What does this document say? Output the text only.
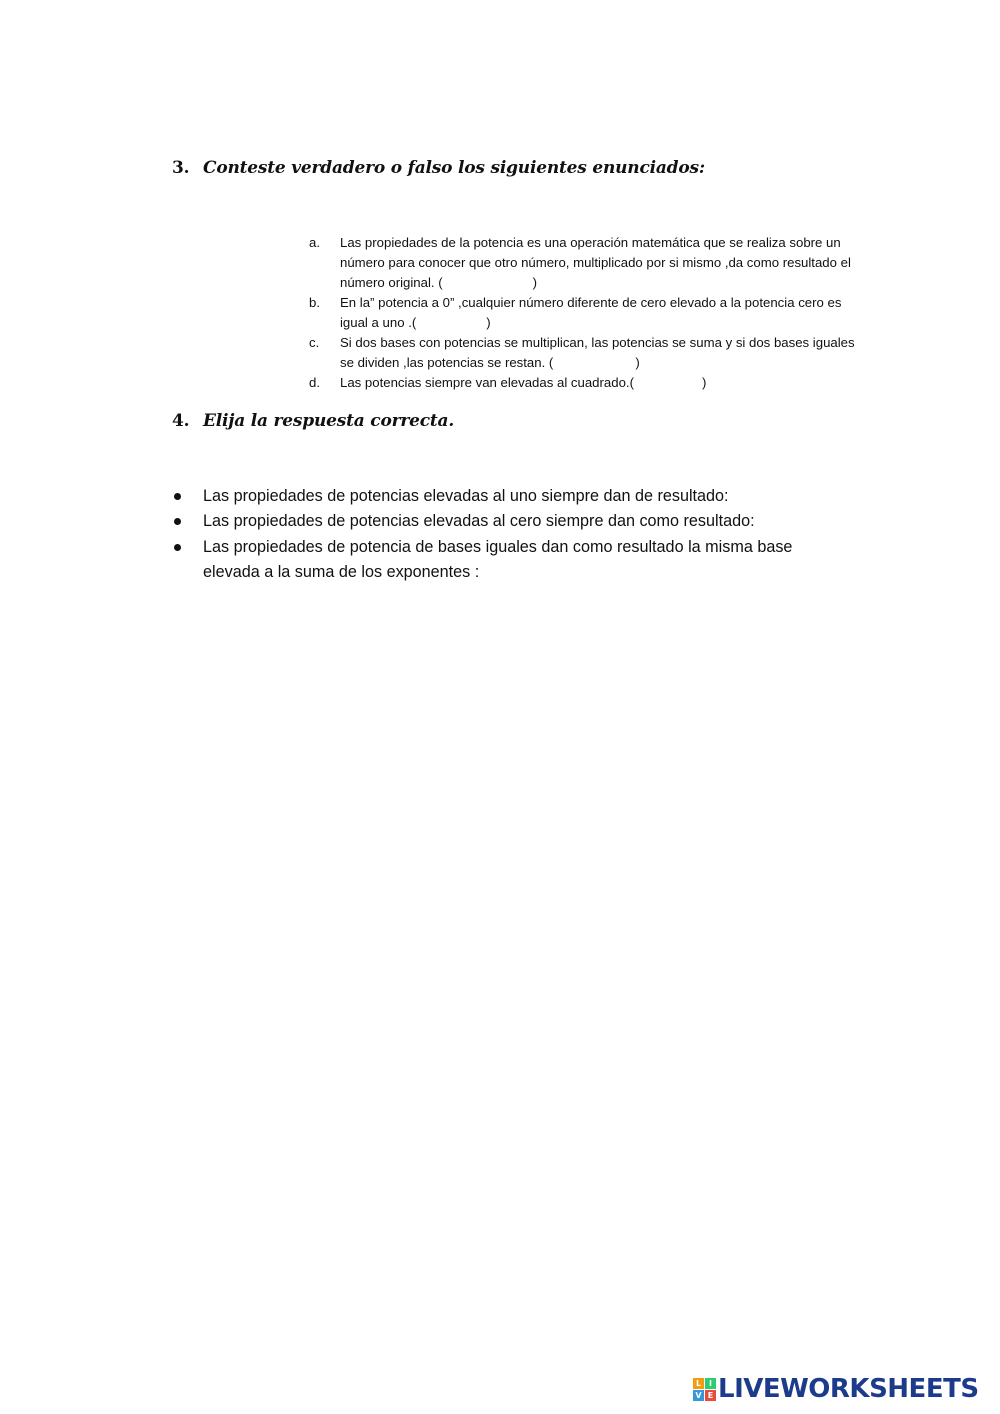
3. Conteste verdadero o falso los siguientes enunciados:
a. Las propiedades de la potencia es una operación matemática que se realiza sobre un número para conocer que otro número, multiplicado por si mismo ,da como resultado el número original. (	)
b. En la” potencia a 0” ,cualquier número diferente de cero elevado a la potencia cero es igual a uno .(	)
c. Si dos bases con potencias se multiplican, las potencias se suma y si dos bases iguales se dividen ,las potencias se restan. (	)
d. Las potencias siempre van elevadas al cuadrado.(	)
4. Elija la respuesta correcta.
Las propiedades de potencias elevadas al uno siempre dan de resultado:
Las propiedades de potencias elevadas al cero siempre dan como resultado:
Las propiedades de potencia de bases iguales dan como resultado la misma base elevada a la suma de los exponentes :
L I
V E LIVEWORKSHEETS
